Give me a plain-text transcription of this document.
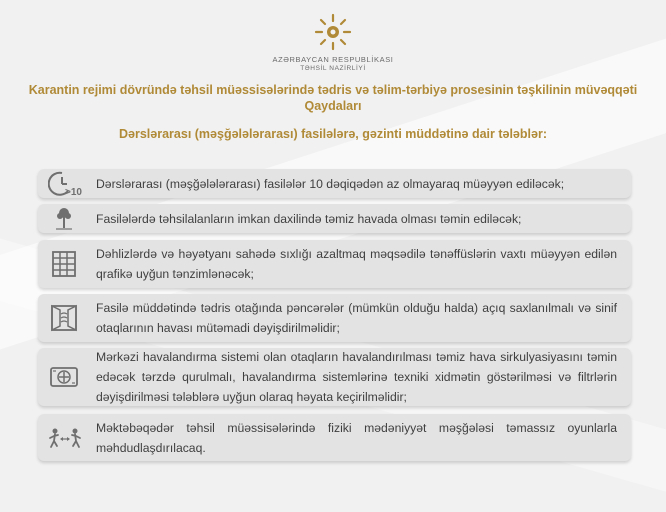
AZƏRBAYCAN RESPUBLİKASI
TƏHSİL NAZİRLİYİ
Karantin rejimi dövründə təhsil müəssisələrində tədris və təlim-tərbiyə prosesinin təşkilinin müvəqqəti Qaydaları
Dərslərarası (məşğələlərarası) fasilələrə, gəzinti müddətinə dair tələblər:
>10
Dərslərarası (məşğələlərarası) fasilələr 10 dəqiqədən az olmayaraq müəyyən ediləcək;
Fasilələrdə təhsilalanların imkan daxilində təmiz havada olması təmin ediləcək;
Dəhlizlərdə və həyətyanı sahədə sıxlığı azaltmaq məqsədilə tənəffüslərin vaxtı müəyyən edilən qrafikə uyğun tənzimlənəcək;
Fasilə müddətində tədris otağında pəncərələr (mümkün olduğu halda) açıq saxlanılmalı və sinif otaqlarının havası mütəmadi dəyişdirilməlidir;
Mərkəzi havalandırma sistemi olan otaqların havalandırılması təmiz hava sirkulyasiyasını təmin edəcək tərzdə qurulmalı, havalandırma sistemlərinə texniki xidmətin göstərilməsi və filtrlərin dəyişdirilməsi tələblərə uyğun olaraq həyata keçirilməlidir;
Məktəbəqədər təhsil müəssisələrində fiziki mədəniyyət məşğələsi təmassız oyunlarla məhdudlaşdırılacaq.
